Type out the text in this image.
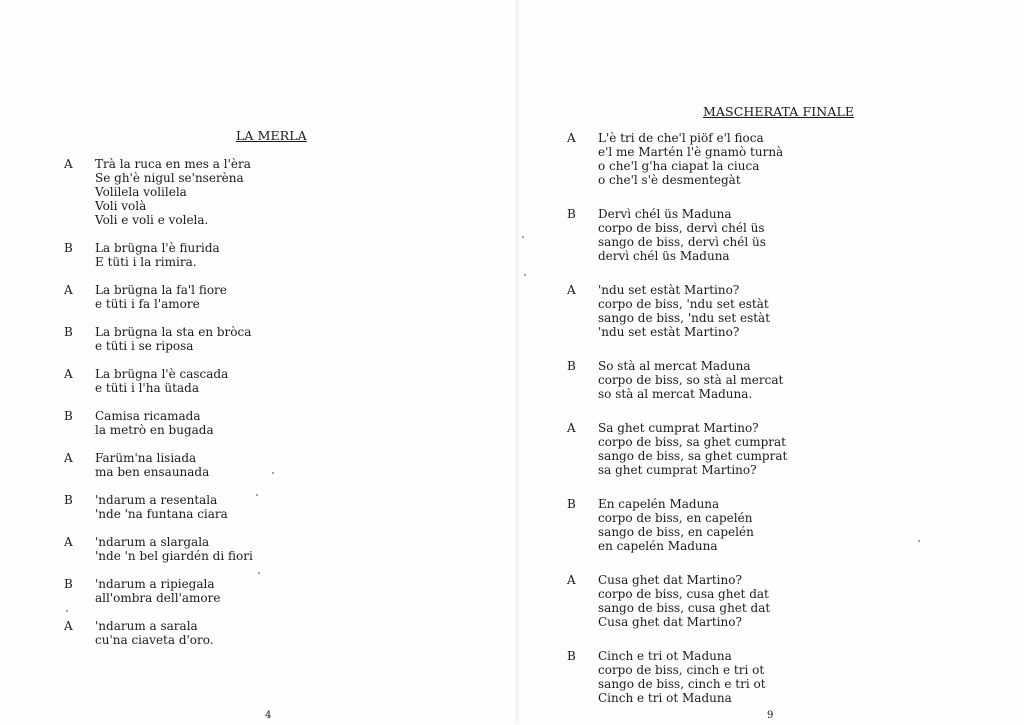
LA MERLA
A	Trà la ruca en mes a l'èra
Se gh'è nigul se'nserèna
Volilela volilela
Voli volà
Voli e voli e volela.
B	La brügna l'è fiurida
E tüti i la rimira.
A	La brügna la fa'l fiore
e tüti i fa l'amore
B	La brügna la sta en bròca
e tüti i se riposa
A	La brügna l'è cascada
e tüti i l'ha ütada
B	Camisa ricamada
la metrò en bugada
A	Farüm'na lisiada
ma ben ensaunada
B	'ndarum a resentala
'nde 'na funtana ciara
A	'ndarum a slargala
'nde 'n bel giardén di fiori
B	'ndarum a ripiegala
all'ombra dell'amore
A	'ndarum a sarala
cu'na ciaveta d'oro.
4
MASCHERATA FINALE
A	L'è tri de che'l piöf e'l fioca
e'l me Martén l'è gnamò turnà
o che'l g'ha ciapat la ciuca
o che'l s'è desmentegàt
B	Dervì chél üs Maduna
corpo de biss, dervì chél üs
sango de biss, dervì chél üs
dervì chél üs Maduna
A	'ndu set estàt Martino?
corpo de biss, 'ndu set estàt
sango de biss, 'ndu set estàt
'ndu set estàt Martino?
B	So stà al mercat Maduna
corpo de biss, so stà al mercat
so stà al mercat Maduna.
A	Sa ghet cumprat Martino?
corpo de biss, sa ghet cumprat
sango de biss, sa ghet cumprat
sa ghet cumprat Martino?
B	En capelén Maduna
corpo de biss, en capelén
sango de biss, en capelén
en capelén Maduna
A	Cusa ghet dat Martino?
corpo de biss, cusa ghet dat
sango de biss, cusa ghet dat
Cusa ghet dat Martino?
B	Cinch e tri ot Maduna
corpo de biss, cinch e tri ot
sango de biss, cinch e tri ot
Cinch e tri ot Maduna
9
